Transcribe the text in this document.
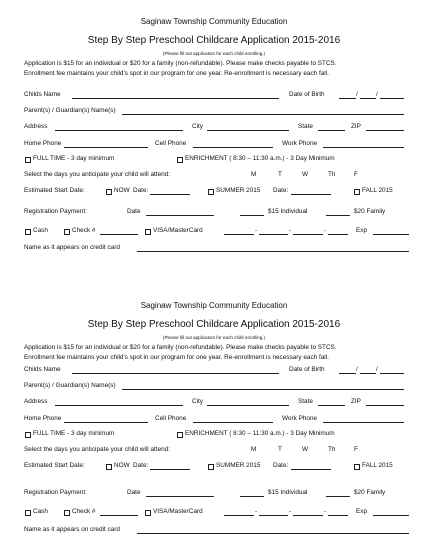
Saginaw Township Community Education
Step By Step Preschool Childcare Application 2015-2016
(Please fill out application for each child enrolling.)
Application is $15 for an individual or $20 for a family (non-refundable). Please make checks payable to STCS.
Enrollment fee maintains your child's spot in our program for one year. Re-enrollment is necessary each fall.
Childs Name	Date of Birth	/	/
Parent(s) / Guardian(s) Name(s)
Address	City	State	ZIP
Home Phone	Cell Phone	Work Phone
FULL TIME - 3 day minimum	ENRICHMENT ( 8:30 – 11:30 a.m.) - 3 Day Minimum
Select the days you anticipate your child will attend:	M	T	W	Th	F
Estimated Start Date:	NOW Date:	SUMMER 2015 Date:	FALL 2015
Registration Payment:	Date	$15 Individual	$20 Family
Cash	Check #	VISA/MasterCard	-	-	-	Exp
Name as it appears on credit card
Saginaw Township Community Education
Step By Step Preschool Childcare Application 2015-2016
(Please fill out application for each child enrolling.)
Application is $15 for an individual or $20 for a family (non-refundable). Please make checks payable to STCS.
Enrollment fee maintains your child's spot in our program for one year. Re-enrollment is necessary each fall.
Childs Name	Date of Birth	/	/
Parent(s) / Guardian(s) Name(s)
Address	City	State	ZIP
Home Phone	Cell Phone	Work Phone
FULL TIME - 3 day minimum	ENRICHMENT ( 8:30 – 11:30 a.m.) - 3 Day Minimum
Select the days you anticipate your child will attend:	M	T	W	Th	F
Estimated Start Date:	NOW Date:	SUMMER 2015 Date:	FALL 2015
Registration Payment:	Date	$15 Individual	$20 Family
Cash	Check #	VISA/MasterCard	-	-	-	Exp
Name as it appears on credit card
